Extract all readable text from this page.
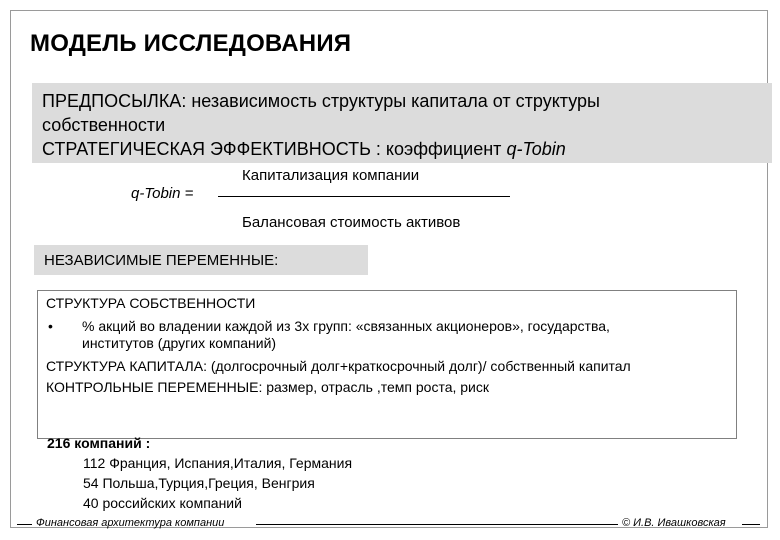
МОДЕЛЬ ИССЛЕДОВАНИЯ
ПРЕДПОСЫЛКА: независимость структуры капитала от структуры
собственности
СТРАТЕГИЧЕСКАЯ ЭФФЕКТИВНОСТЬ : коэффициент q-Tobin
q-Tobin =
Капитализация компании
Балансовая стоимость активов
НЕЗАВИСИМЫЕ ПЕРЕМЕННЫЕ:
СТРУКТУРА СОБСТВЕННОСТИ
•	% акций во владении каждой из 3х групп: «связанных акционеров», государства,
институтов (других компаний)
СТРУКТУРА КАПИТАЛА: (долгосрочный долг+краткосрочный долг)/ собственный капитал
КОНТРОЛЬНЫЕ ПЕРЕМЕННЫЕ: размер, отрасль ,темп роста, риск
216 компаний :
112 Франция, Испания,Италия, Германия
54 Польша,Турция,Греция, Венгрия
40 российских компаний
Финансовая архитектура компании	© И.В. Ивашковская
